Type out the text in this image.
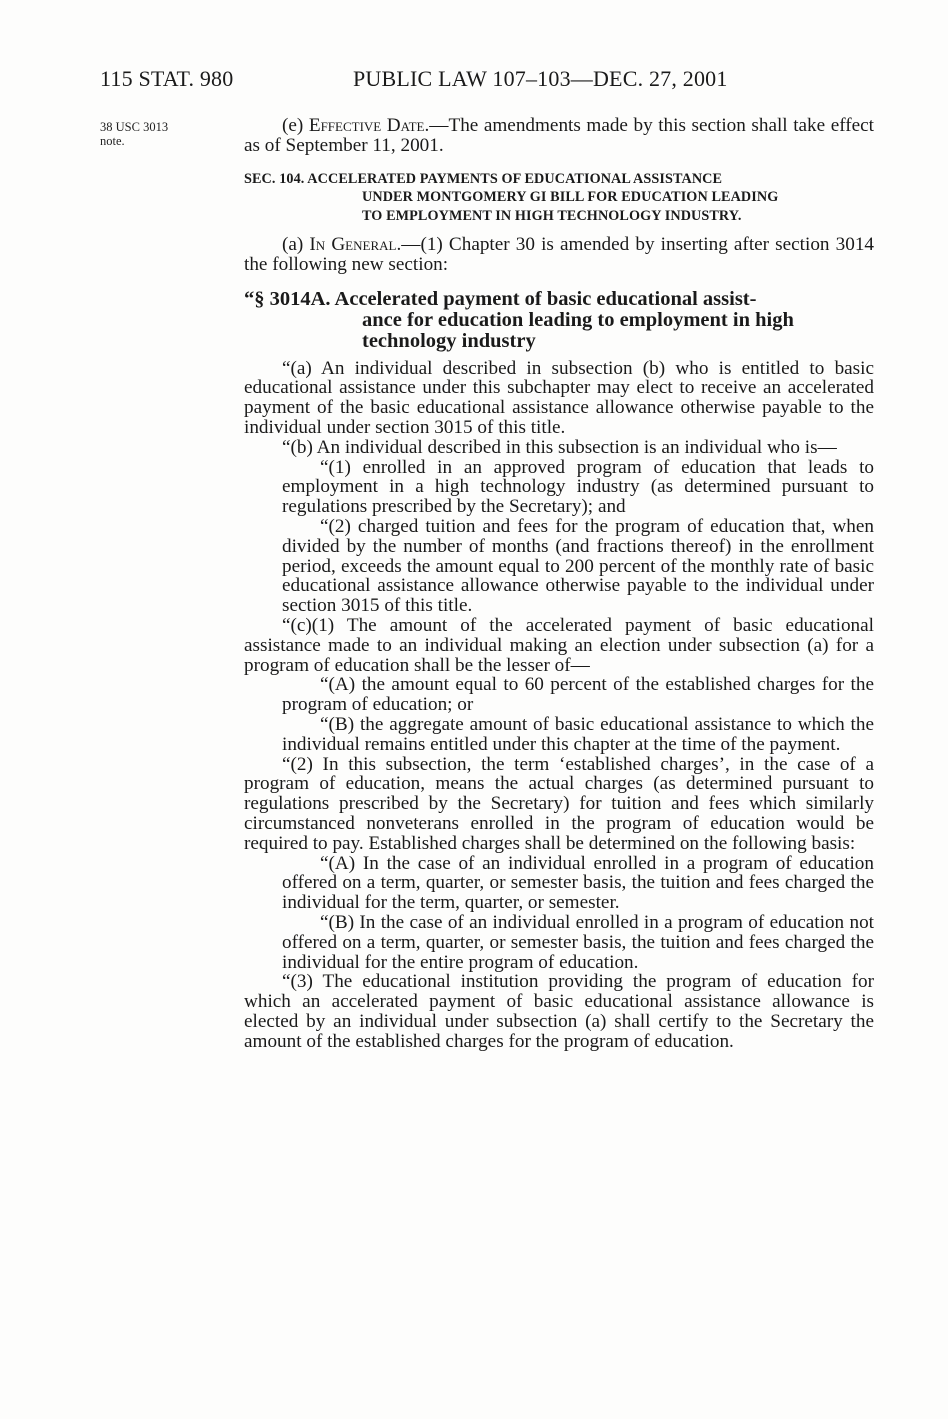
115 STAT. 980	PUBLIC LAW 107–103—DEC. 27, 2001
38 USC 3013
note.

(e) Effective Date.—The amendments made by this section shall take effect as of September 11, 2001.

SEC. 104. ACCELERATED PAYMENTS OF EDUCATIONAL ASSISTANCE
UNDER MONTGOMERY GI BILL FOR EDUCATION LEADING
TO EMPLOYMENT IN HIGH TECHNOLOGY INDUSTRY.

(a) In General.—(1) Chapter 30 is amended by inserting after section 3014 the following new section:

“§ 3014A. Accelerated payment of basic educational assist-
ance for education leading to employment in high
technology industry

“(a) An individual described in subsection (b) who is entitled to basic educational assistance under this subchapter may elect to receive an accelerated payment of the basic educational assistance allowance otherwise payable to the individual under section 3015 of this title.

“(b) An individual described in this subsection is an individual who is—

“(1) enrolled in an approved program of education that leads to employment in a high technology industry (as determined pursuant to regulations prescribed by the Secretary); and

“(2) charged tuition and fees for the program of education that, when divided by the number of months (and fractions thereof) in the enrollment period, exceeds the amount equal to 200 percent of the monthly rate of basic educational assistance allowance otherwise payable to the individual under section 3015 of this title.

“(c)(1) The amount of the accelerated payment of basic educational assistance made to an individual making an election under subsection (a) for a program of education shall be the lesser of—

“(A) the amount equal to 60 percent of the established charges for the program of education; or

“(B) the aggregate amount of basic educational assistance to which the individual remains entitled under this chapter at the time of the payment.

“(2) In this subsection, the term ‘established charges’, in the case of a program of education, means the actual charges (as determined pursuant to regulations prescribed by the Secretary) for tuition and fees which similarly circumstanced nonveterans enrolled in the program of education would be required to pay. Established charges shall be determined on the following basis:

“(A) In the case of an individual enrolled in a program of education offered on a term, quarter, or semester basis, the tuition and fees charged the individual for the term, quarter, or semester.

“(B) In the case of an individual enrolled in a program of education not offered on a term, quarter, or semester basis, the tuition and fees charged the individual for the entire program of education.

“(3) The educational institution providing the program of education for which an accelerated payment of basic educational assistance allowance is elected by an individual under subsection (a) shall certify to the Secretary the amount of the established charges for the program of education.
